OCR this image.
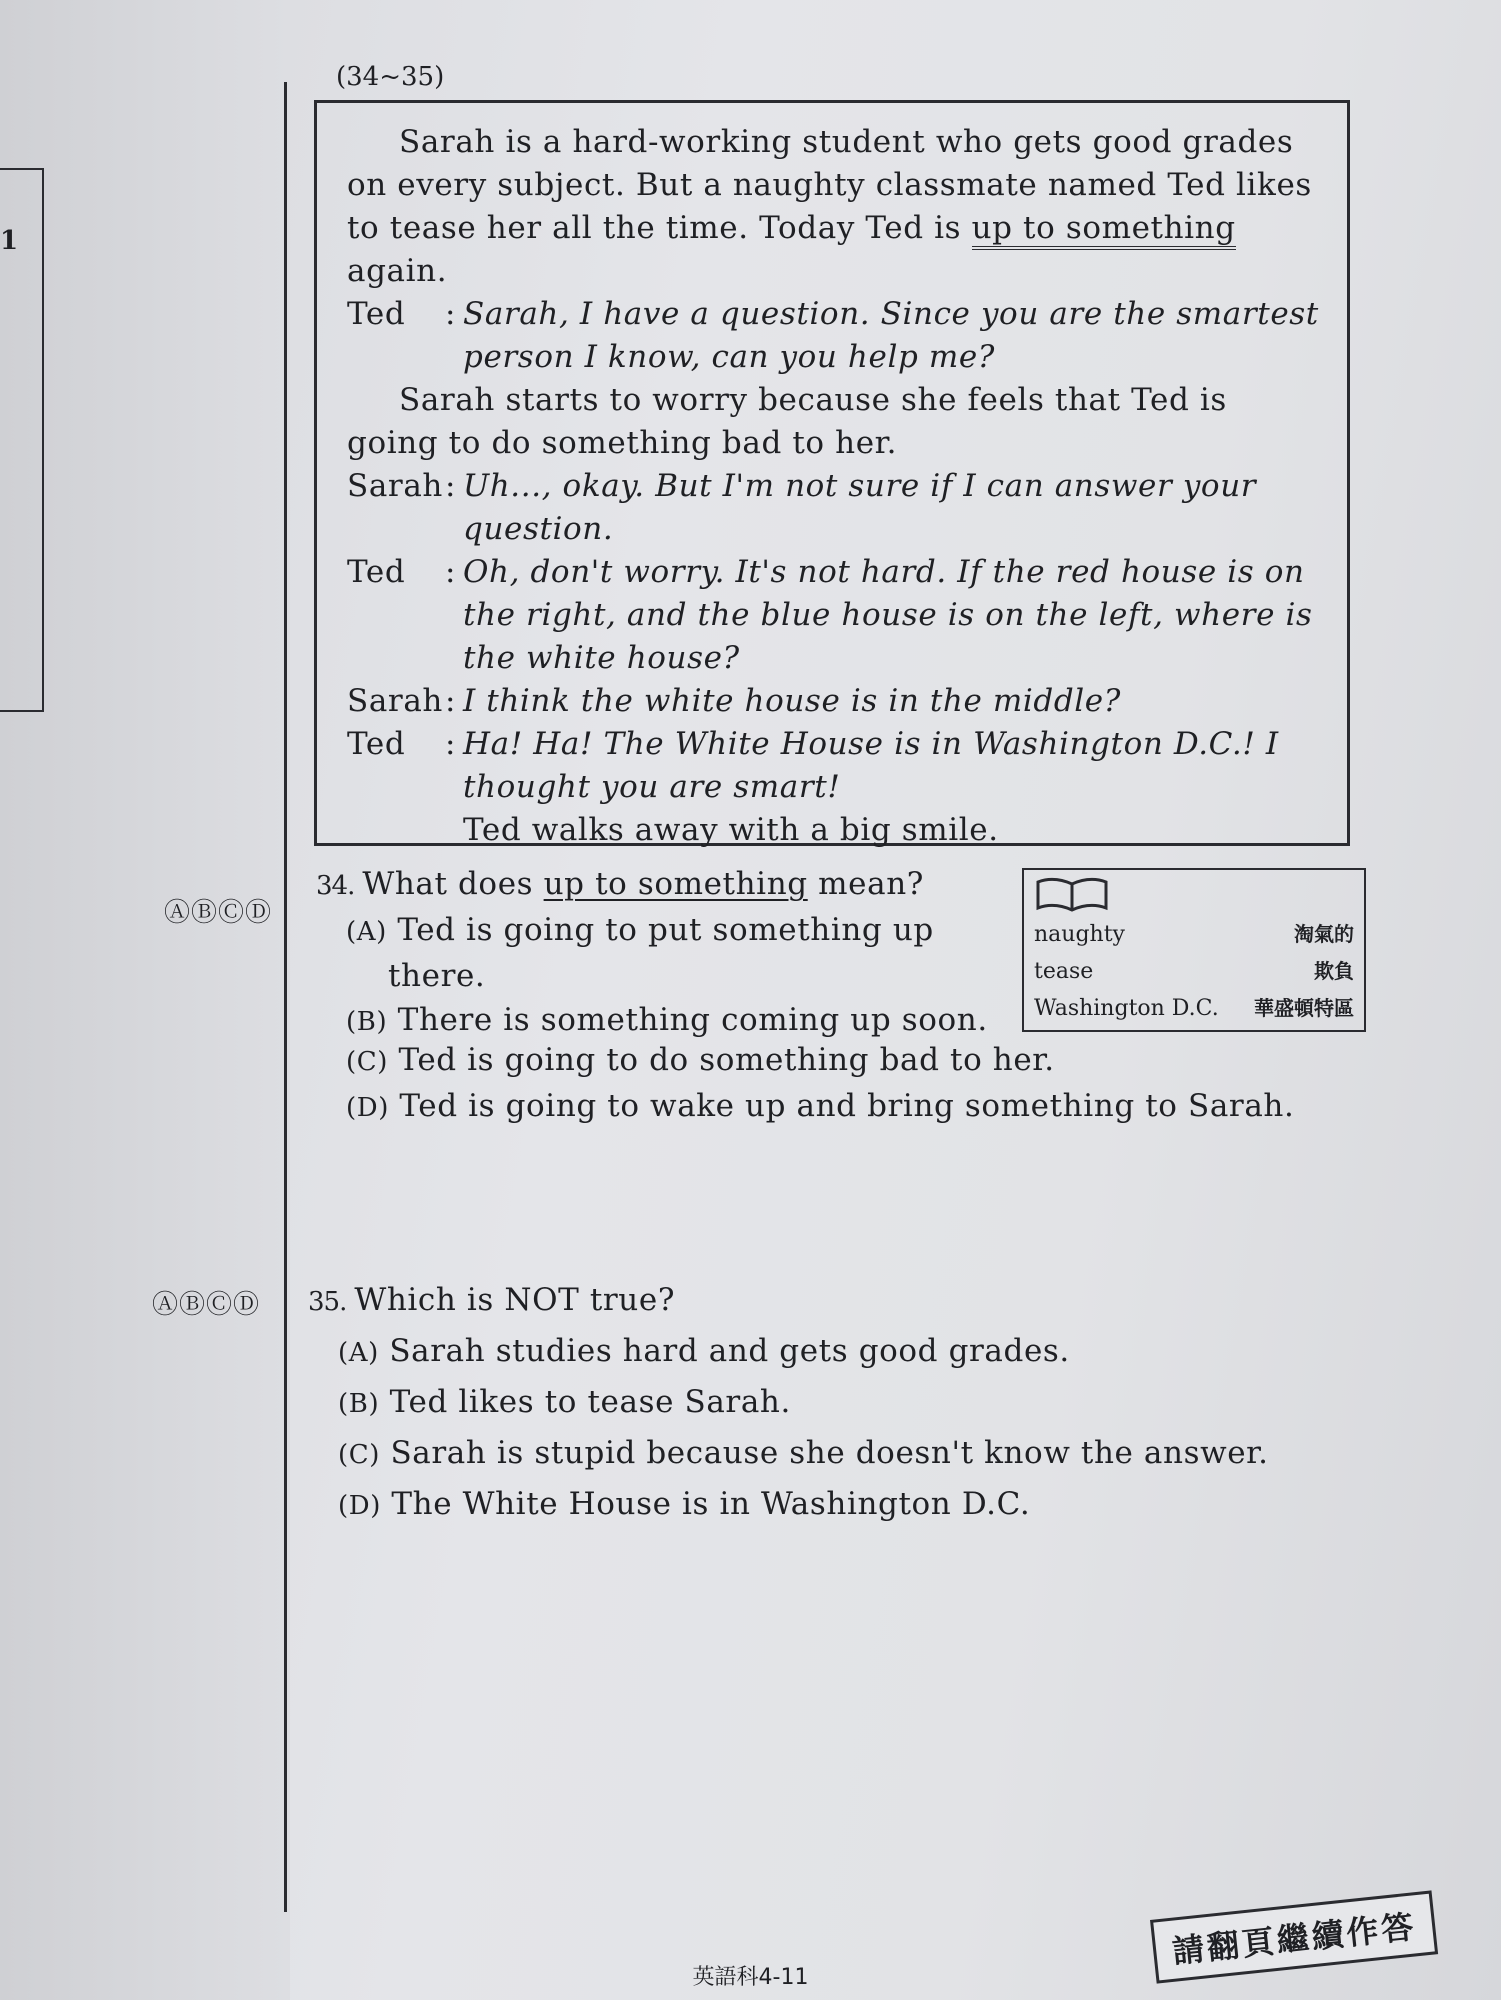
1
(34~35)

Sarah is a hard-working student who gets good grades on every subject. But a naughty classmate named Ted likes to tease her all the time. Today Ted is up to something again.

Ted	: Sarah, I have a question. Since you are the smartest person I know, can you help me?

Sarah starts to worry because she feels that Ted is going to do something bad to her.

Sarah : Uh..., okay. But I'm not sure if I can answer your question.
Ted	: Oh, don't worry. It's not hard. If the red house is on the right, and the blue house is on the left, where is the white house?
Sarah : I think the white house is in the middle?
Ted	: Ha! Ha! The White House is in Washington D.C.! I thought you are smart!

Ted walks away with a big smile.

ⒶⒷⒸⒹ
34. What does up to something mean?
(A) Ted is going to put something up
there.
(B) There is something coming up soon.
(C) Ted is going to do something bad to her.
(D) Ted is going to wake up and bring something to Sarah.
naughty	淘氣的
tease	欺負
Washington D.C. 華盛頓特區
ⒶⒷⒸⒹ 35. Which is NOT true?
(A) Sarah studies hard and gets good grades.
(B) Ted likes to tease Sarah.
(C) Sarah is stupid because she doesn't know the answer.
(D) The White House is in Washington D.C.
英語科4-11
請翻頁繼續作答
